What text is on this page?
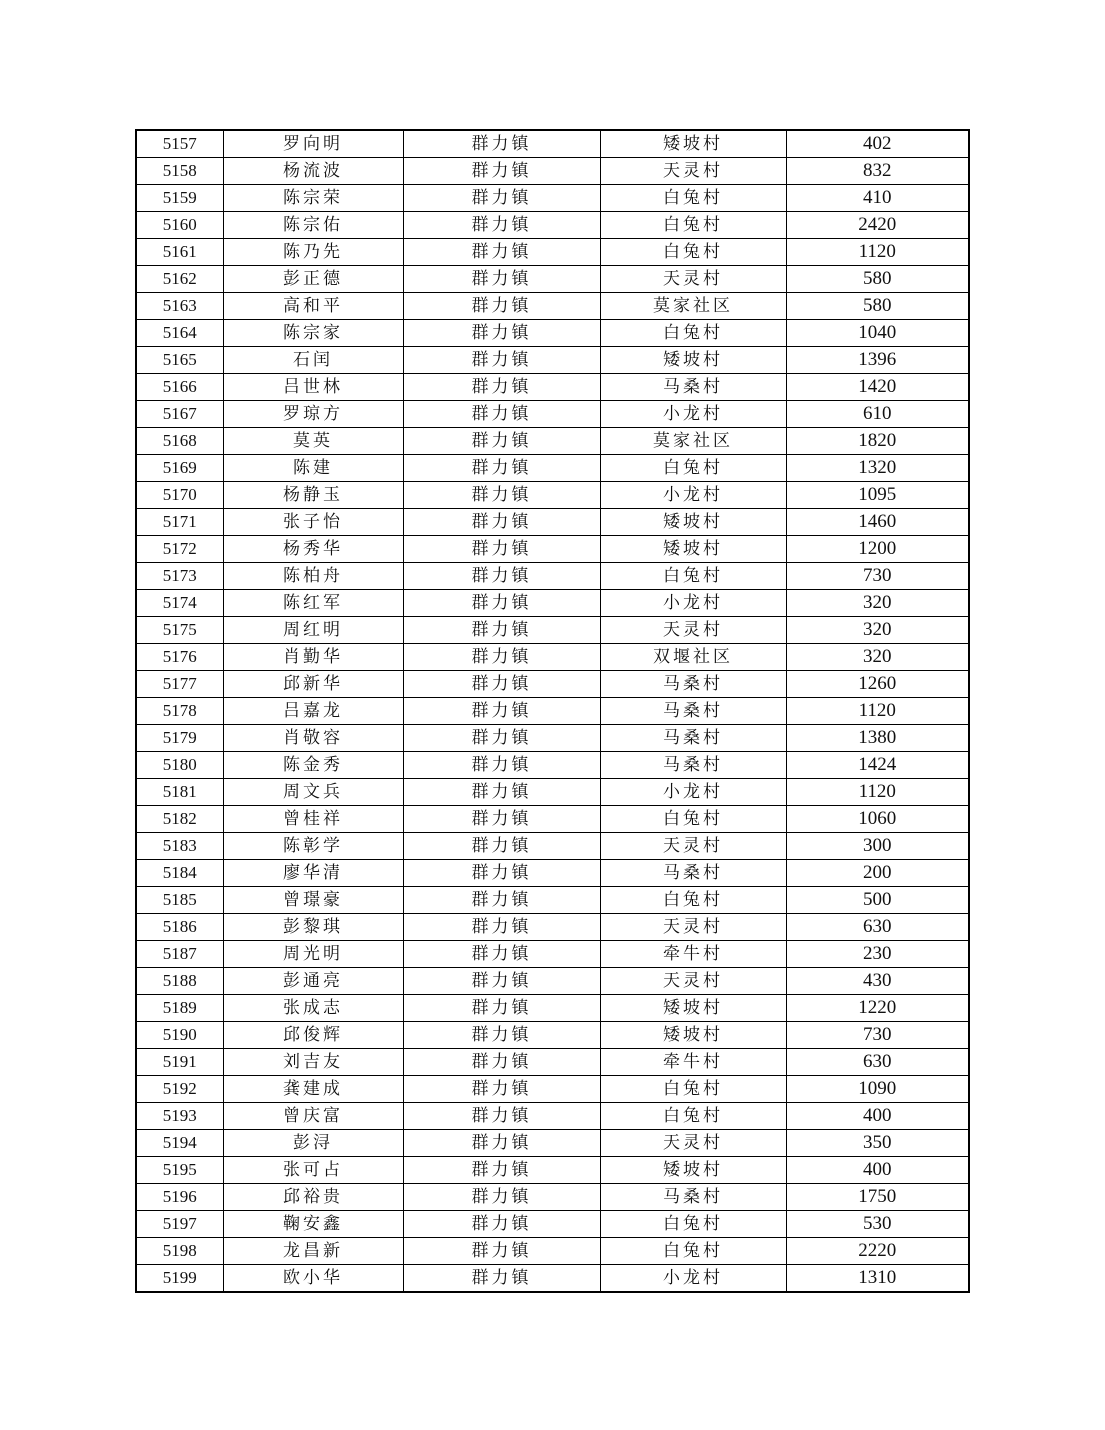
5157	罗向明	群力镇	矮坡村	402
5158	杨流波	群力镇	天灵村	832
5159	陈宗荣	群力镇	白兔村	410
5160	陈宗佑	群力镇	白兔村	2420
5161	陈乃先	群力镇	白兔村	1120
5162	彭正德	群力镇	天灵村	580
5163	高和平	群力镇	莫家社区	580
5164	陈宗家	群力镇	白兔村	1040
5165	石闰	群力镇	矮坡村	1396
5166	吕世林	群力镇	马桑村	1420
5167	罗琼方	群力镇	小龙村	610
5168	莫英	群力镇	莫家社区	1820
5169	陈建	群力镇	白兔村	1320
5170	杨静玉	群力镇	小龙村	1095
5171	张子怡	群力镇	矮坡村	1460
5172	杨秀华	群力镇	矮坡村	1200
5173	陈柏舟	群力镇	白兔村	730
5174	陈红军	群力镇	小龙村	320
5175	周红明	群力镇	天灵村	320
5176	肖勤华	群力镇	双堰社区	320
5177	邱新华	群力镇	马桑村	1260
5178	吕嘉龙	群力镇	马桑村	1120
5179	肖敬容	群力镇	马桑村	1380
5180	陈金秀	群力镇	马桑村	1424
5181	周文兵	群力镇	小龙村	1120
5182	曾桂祥	群力镇	白兔村	1060
5183	陈彰学	群力镇	天灵村	300
5184	廖华清	群力镇	马桑村	200
5185	曾璟豪	群力镇	白兔村	500
5186	彭黎琪	群力镇	天灵村	630
5187	周光明	群力镇	牵牛村	230
5188	彭通亮	群力镇	天灵村	430
5189	张成志	群力镇	矮坡村	1220
5190	邱俊辉	群力镇	矮坡村	730
5191	刘吉友	群力镇	牵牛村	630
5192	龚建成	群力镇	白兔村	1090
5193	曾庆富	群力镇	白兔村	400
5194	彭浔	群力镇	天灵村	350
5195	张可占	群力镇	矮坡村	400
5196	邱裕贵	群力镇	马桑村	1750
5197	鞠安鑫	群力镇	白兔村	530
5198	龙昌新	群力镇	白兔村	2220
5199	欧小华	群力镇	小龙村	1310
